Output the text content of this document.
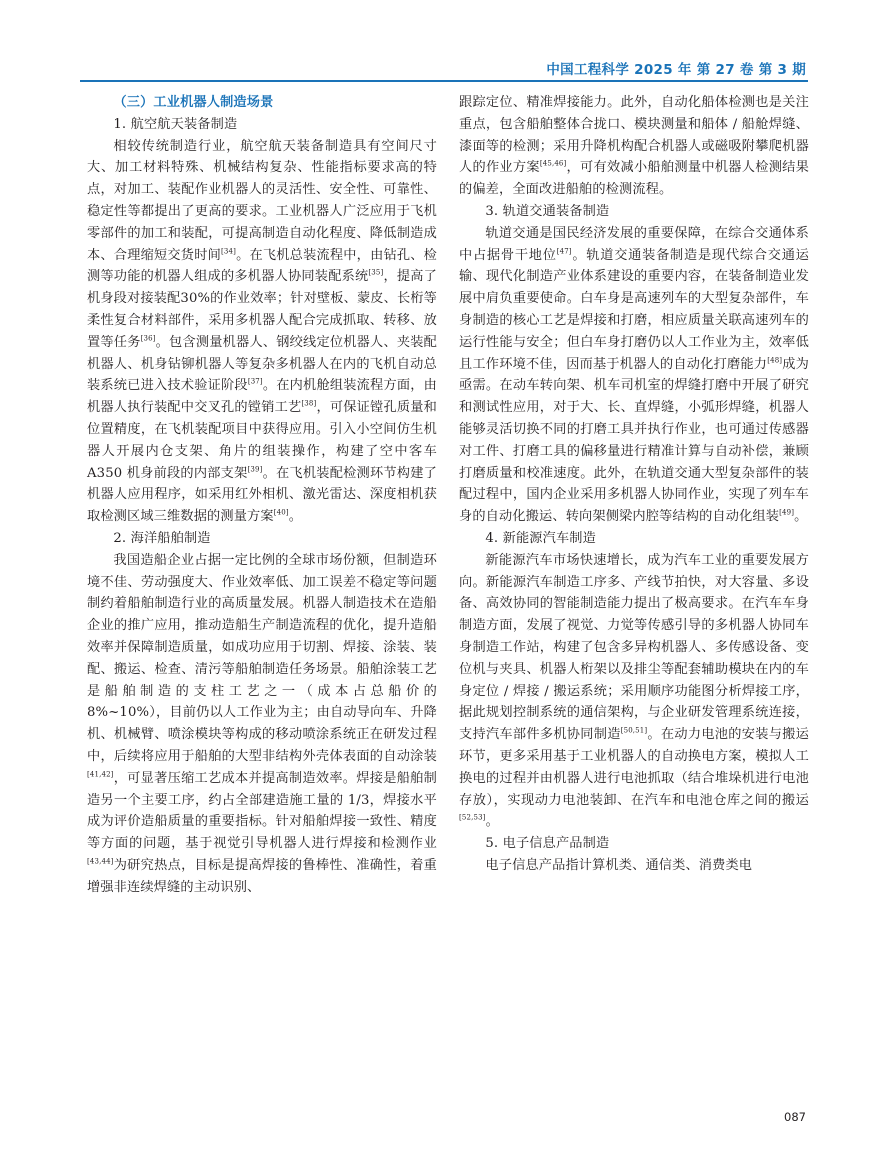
中国工程科学 2025 年 第 27 卷 第 3 期

（三）工业机器人制造场景

1. 航空航天装备制造

相较传统制造行业，航空航天装备制造具有空间尺寸大、加工材料特殊、机械结构复杂、性能指标要求高的特点，对加工、装配作业机器人的灵活性、安全性、可靠性、稳定性等都提出了更高的要求。工业机器人广泛应用于飞机零部件的加工和装配，可提高制造自动化程度、降低制造成本、合理缩短交货时间[34]。在飞机总装流程中，由钻孔、检测等功能的机器人组成的多机器人协同装配系统[35]，提高了机身段对接装配30%的作业效率；针对壁板、蒙皮、长桁等柔性复合材料部件，采用多机器人配合完成抓取、转移、放置等任务[36]。包含测量机器人、钢绞线定位机器人、夹装配机器人、机身钻铆机器人等复杂多机器人在内的飞机自动总装系统已进入技术验证阶段[37]。在内机舱组装流程方面，由机器人执行装配中交叉孔的镗销工艺[38]，可保证镗孔质量和位置精度，在飞机装配项目中获得应用。引入小空间仿生机器人开展内仓支架、角片的组装操作，构建了空中客车 A350 机身前段的内部支架[39]。在飞机装配检测环节构建了机器人应用程序，如采用红外相机、激光雷达、深度相机获取检测区域三维数据的测量方案[40]。

2. 海洋船舶制造

我国造船企业占据一定比例的全球市场份额，但制造环境不佳、劳动强度大、作业效率低、加工误差不稳定等问题制约着船舶制造行业的高质量发展。机器人制造技术在造船企业的推广应用，推动造船生产制造流程的优化，提升造船效率并保障制造质量，如成功应用于切割、焊接、涂装、装配、搬运、检查、清污等船舶制造任务场景。船舶涂装工艺是船舶制造的支柱工艺之一（成本占总船价的 8%~10%），目前仍以人工作业为主；由自动导向车、升降机、机械臂、喷涂模块等构成的移动喷涂系统正在研发过程中，后续将应用于船舶的大型非结构外壳体表面的自动涂装[41,42]，可显著压缩工艺成本并提高制造效率。焊接是船舶制造另一个主要工序，约占全部建造施工量的 1/3，焊接水平成为评价造船质量的重要指标。针对船舶焊接一致性、精度等方面的问题，基于视觉引导机器人进行焊接和检测作业[43,44]为研究热点，目标是提高焊接的鲁棒性、准确性，着重增强非连续焊缝的主动识别、

跟踪定位、精准焊接能力。此外，自动化船体检测也是关注重点，包含船舶整体合拢口、模块测量和船体 / 船舱焊缝、漆面等的检测；采用升降机构配合机器人或磁吸附攀爬机器人的作业方案[45,46]，可有效减小船舶测量中机器人检测结果的偏差，全面改进船舶的检测流程。

3. 轨道交通装备制造

轨道交通是国民经济发展的重要保障，在综合交通体系中占据骨干地位[47]。轨道交通装备制造是现代综合交通运输、现代化制造产业体系建设的重要内容，在装备制造业发展中肩负重要使命。白车身是高速列车的大型复杂部件，车身制造的核心工艺是焊接和打磨，相应质量关联高速列车的运行性能与安全；但白车身打磨仍以人工作业为主，效率低且工作环境不佳，因而基于机器人的自动化打磨能力[48]成为亟需。在动车转向架、机车司机室的焊缝打磨中开展了研究和测试性应用，对于大、长、直焊缝，小弧形焊缝，机器人能够灵活切换不同的打磨工具并执行作业，也可通过传感器对工件、打磨工具的偏移量进行精准计算与自动补偿，兼顾打磨质量和校准速度。此外，在轨道交通大型复杂部件的装配过程中，国内企业采用多机器人协同作业，实现了列车车身的自动化搬运、转向架侧梁内腔等结构的自动化组装[49]。

4. 新能源汽车制造

新能源汽车市场快速增长，成为汽车工业的重要发展方向。新能源汽车制造工序多、产线节拍快，对大容量、多设备、高效协同的智能制造能力提出了极高要求。在汽车车身制造方面，发展了视觉、力觉等传感引导的多机器人协同车身制造工作站，构建了包含多异构机器人、多传感设备、变位机与夹具、机器人桁架以及排尘等配套辅助模块在内的车身定位 / 焊接 / 搬运系统；采用顺序功能图分析焊接工序，据此规划控制系统的通信架构，与企业研发管理系统连接，支持汽车部件多机协同制造[50,51]。在动力电池的安装与搬运环节，更多采用基于工业机器人的自动换电方案，模拟人工换电的过程并由机器人进行电池抓取（结合堆垛机进行电池存放），实现动力电池装卸、在汽车和电池仓库之间的搬运[52,53]。

5. 电子信息产品制造

电子信息产品指计算机类、通信类、消费类电

087
